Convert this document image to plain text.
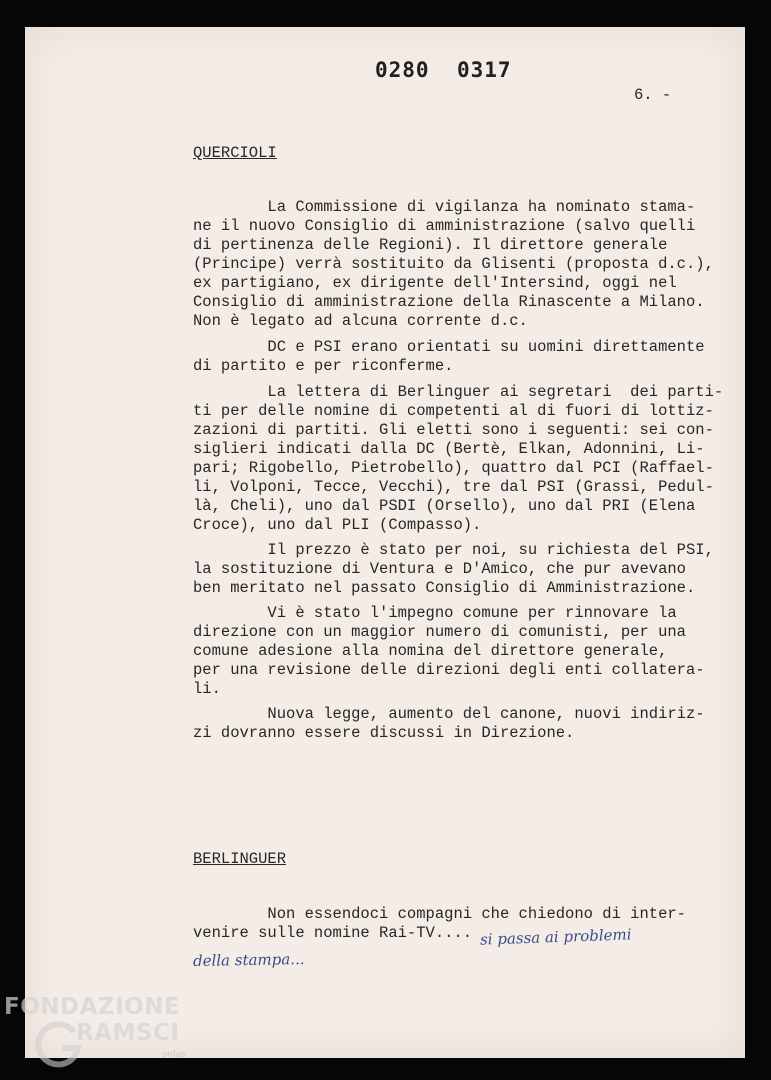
0280 0317

6. -

QUERCIOLI

La Commissione di vigilanza ha nominato stama-
ne il nuovo Consiglio di amministrazione (salvo quelli
di pertinenza delle Regioni). Il direttore generale
(Principe) verrà sostituito da Glisenti (proposta d.c.),
ex partigiano, ex dirigente dell'Intersind, oggi nel
Consiglio di amministrazione della Rinascente a Milano.
Non è legato ad alcuna corrente d.c.

DC e PSI erano orientati su uomini direttamente
di partito e per riconferme.

La lettera di Berlinguer ai segretari  dei parti-
ti per delle nomine di competenti al di fuori di lottiz-
zazioni di partiti. Gli eletti sono i seguenti: sei con-
siglieri indicati dalla DC (Bertè, Elkan, Adonnini, Li-
pari; Rigobello, Pietrobello), quattro dal PCI (Raffael-
li, Volponi, Tecce, Vecchi), tre dal PSI (Grassi, Pedul-
là, Cheli), uno dal PSDI (Orsello), uno dal PRI (Elena
Croce), uno dal PLI (Compasso).

Il prezzo è stato per noi, su richiesta del PSI,
la sostituzione di Ventura e D'Amico, che pur avevano
ben meritato nel passato Consiglio di Amministrazione.

Vi è stato l'impegno comune per rinnovare la
direzione con un maggior numero di comunisti, per una
comune adesione alla nomina del direttore generale,
per una revisione delle direzioni degli enti collatera-
li.

Nuova legge, aumento del canone, nuovi indiriz-
zi dovranno essere discussi in Direzione.

BERLINGUER

Non essendoci compagni che chiedono di inter-
venire sulle nomine Rai-TV.... si passa ai problemi
della stampa...
FONDAZIONE
RAMSCI
onlus
